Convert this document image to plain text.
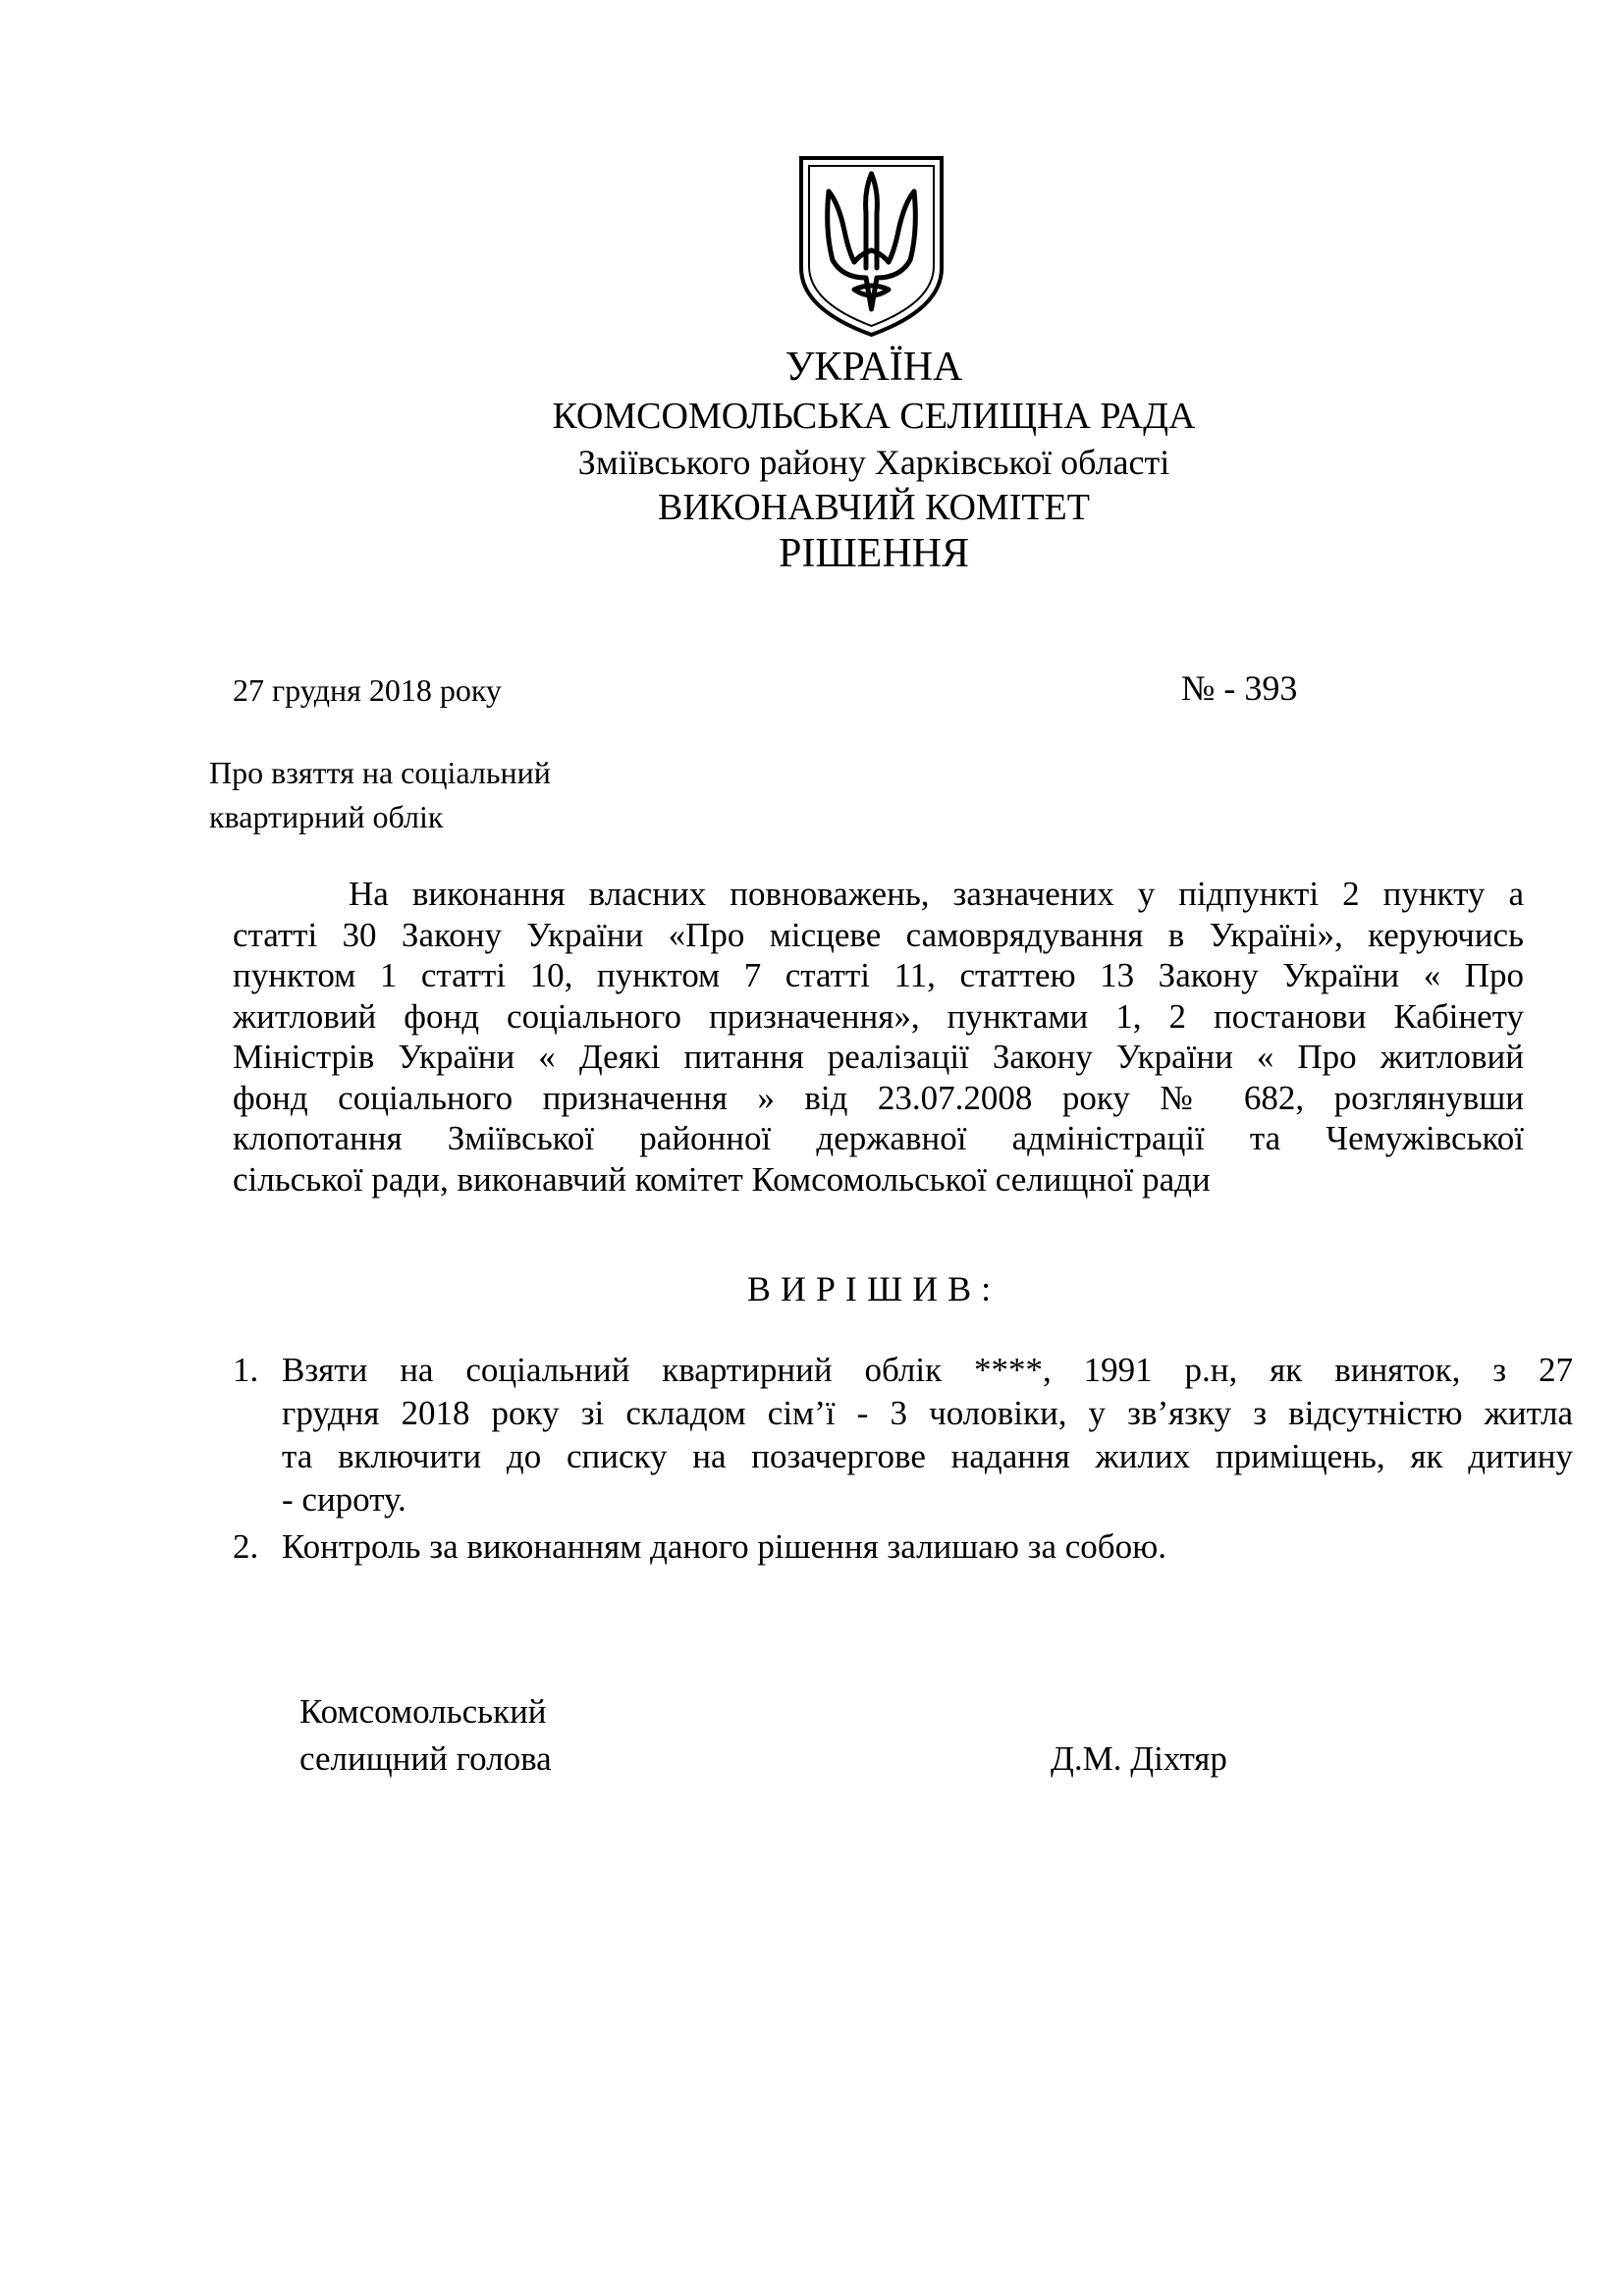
УКРАЇНА
КОМСОМОЛЬСЬКА СЕЛИЩНА РАДА
Зміївського району Харківської області
ВИКОНАВЧИЙ КОМІТЕТ
РІШЕННЯ
27 грудня 2018 року	№ - 393
Про взяття на соціальний
квартирний облік
На виконання власних повноважень, зазначених у підпункті 2 пункту а
статті 30 Закону України «Про місцеве самоврядування в Україні», керуючись
пунктом 1 статті 10, пунктом 7 статті 11, статтею 13 Закону України « Про
житловий фонд соціального призначення», пунктами 1, 2 постанови Кабінету
Міністрів України « Деякі питання реалізації Закону України « Про житловий
фонд соціального призначення » від 23.07.2008 року № 682, розглянувши
клопотання Зміївської районної державної адміністрації та Чемужівської
сільської ради, виконавчий комітет Комсомольської селищної ради
ВИРІШИВ:
1. Взяти на соціальний квартирний облік ****, 1991 р.н, як виняток, з 27
грудня 2018 року зі складом сім’ї - 3 чоловіки, у зв’язку з відсутністю житла
та включити до списку на позачергове надання жилих приміщень, як дитину
- сироту.
2. Контроль за виконанням даного рішення залишаю за собою.
Комсомольський
селищний голова	Д.М. Діхтяр
